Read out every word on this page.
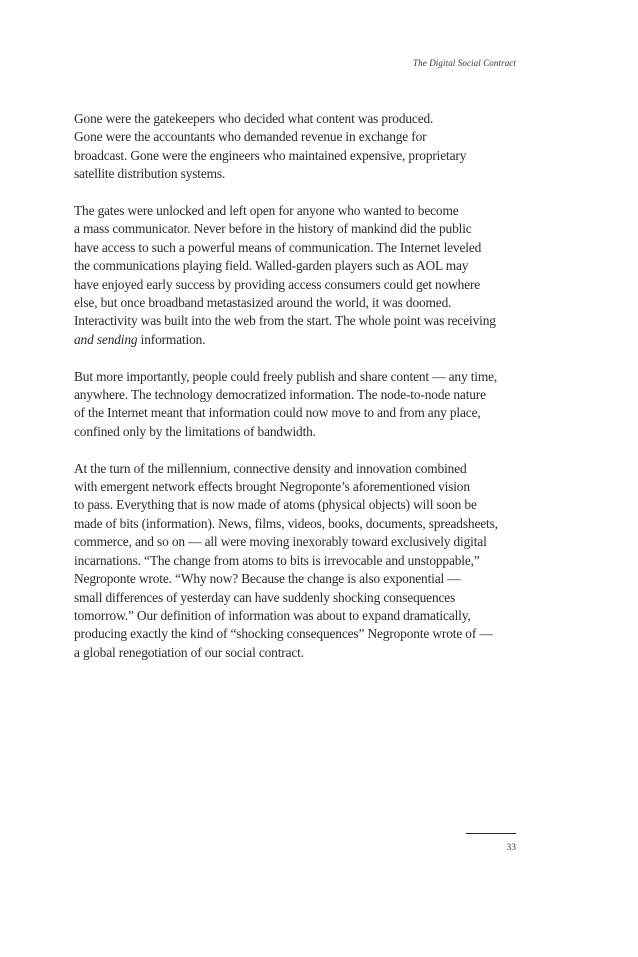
The Digital Social Contract

Gone were the gatekeepers who decided what content was produced.
Gone were the accountants who demanded revenue in exchange for
broadcast. Gone were the engineers who maintained expensive, proprietary
satellite distribution systems.

The gates were unlocked and left open for anyone who wanted to become
a mass communicator. Never before in the history of mankind did the public
have access to such a powerful means of communication. The Internet leveled
the communications playing field. Walled-garden players such as AOL may
have enjoyed early success by providing access consumers could get nowhere
else, but once broadband metastasized around the world, it was doomed.
Interactivity was built into the web from the start. The whole point was receiving
and sending information.

But more importantly, people could freely publish and share content — any time,
anywhere. The technology democratized information. The node-to-node nature
of the Internet meant that information could now move to and from any place,
confined only by the limitations of bandwidth.

At the turn of the millennium, connective density and innovation combined
with emergent network effects brought Negroponte’s aforementioned vision
to pass. Everything that is now made of atoms (physical objects) will soon be
made of bits (information). News, films, videos, books, documents, spreadsheets,
commerce, and so on — all were moving inexorably toward exclusively digital
incarnations. “The change from atoms to bits is irrevocable and unstoppable,”
Negroponte wrote. “Why now? Because the change is also exponential —
small differences of yesterday can have suddenly shocking consequences
tomorrow.” Our definition of information was about to expand dramatically,
producing exactly the kind of “shocking consequences” Negroponte wrote of —
a global renegotiation of our social contract.

33
